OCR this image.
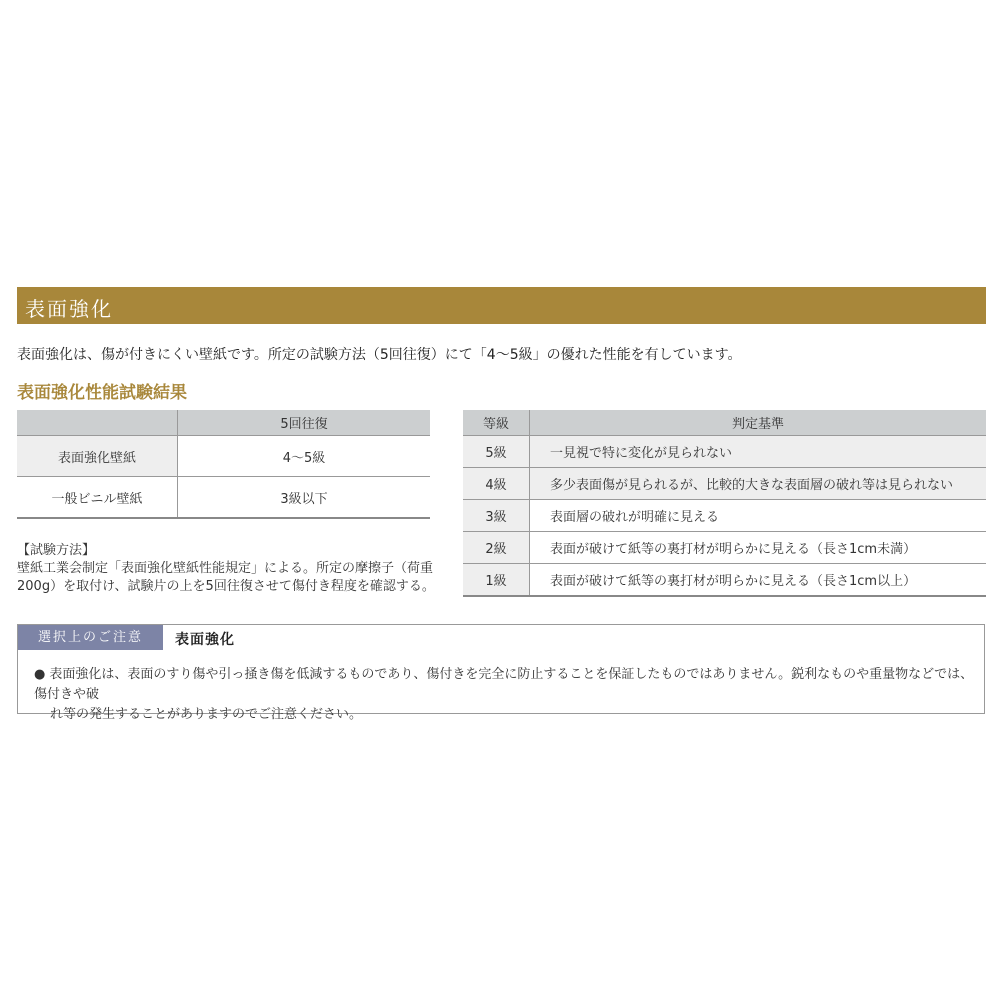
表面強化
表面強化は、傷が付きにくい壁紙です。所定の試験方法（5回往復）にて「4～5級」の優れた性能を有しています。
表面強化性能試験結果
	5回往復
表面強化壁紙	4～5級
一般ビニル壁紙	3級以下
等級	判定基準
5級	一見視で特に変化が見られない
4級	多少表面傷が見られるが、比較的大きな表面層の破れ等は見られない
3級	表面層の破れが明確に見える
2級	表面が破けて紙等の裏打材が明らかに見える（長さ1cm未満）
1級	表面が破けて紙等の裏打材が明らかに見える（長さ1cm以上）
【試験方法】
壁紙工業会制定「表面強化壁紙性能規定」による。所定の摩擦子（荷重
200g）を取付け、試験片の上を5回往復させて傷付き程度を確認する。
選択上のご注意	表面強化
● 表面強化は、表面のすり傷や引っ掻き傷を低減するものであり、傷付きを完全に防止することを保証したものではありません。鋭利なものや重量物などでは、傷付きや破
れ等の発生することがありますのでご注意ください。
